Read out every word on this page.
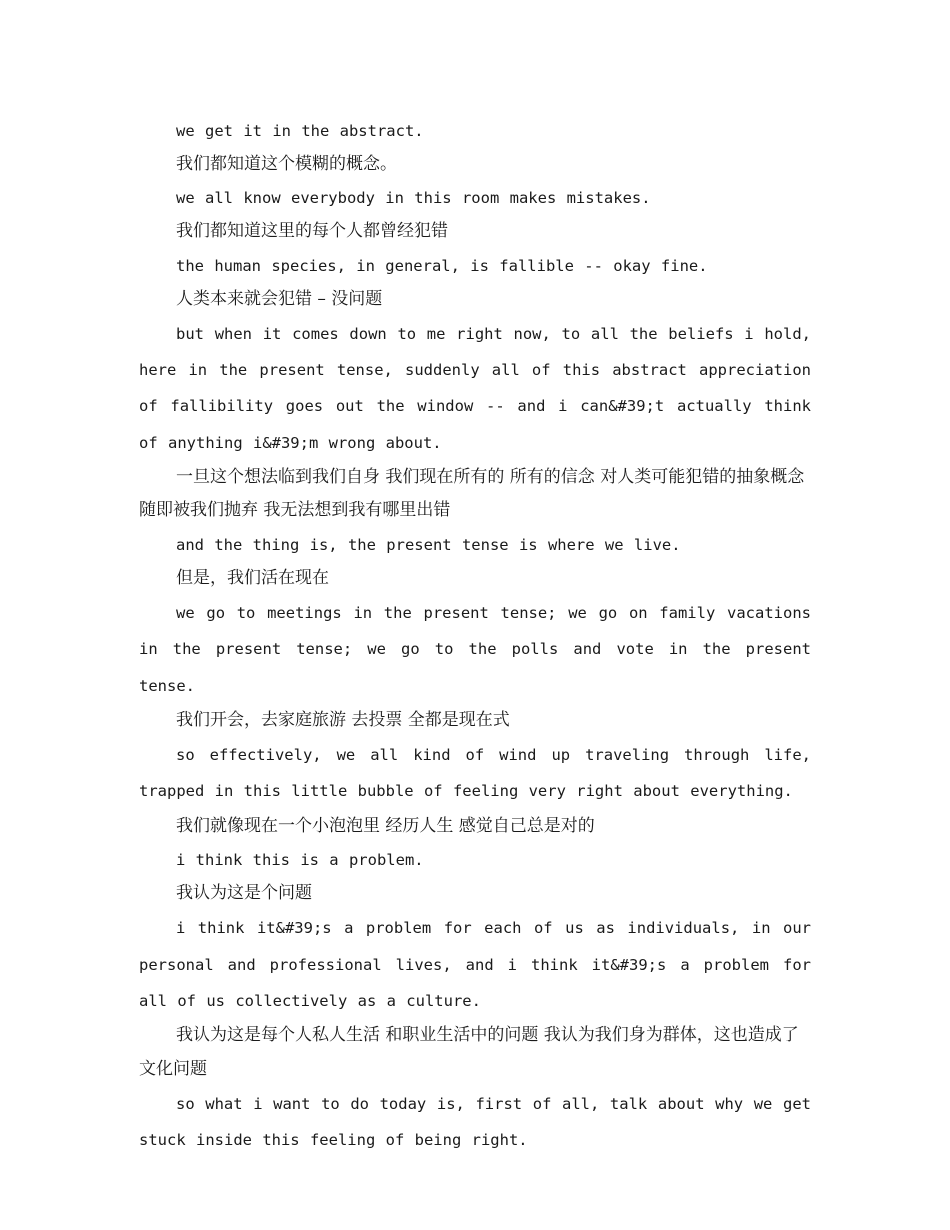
we get it in the abstract.

我们都知道这个模糊的概念。

we all know everybody in this room makes mistakes.

我们都知道这里的每个人都曾经犯错

the human species, in general, is fallible -- okay fine.

人类本来就会犯错 – 没问题

but when it comes down to me right now, to all the beliefs i hold, here in the present tense, suddenly all of this abstract appreciation of fallibility goes out the window -- and i can&#39;t actually think of anything i&#39;m wrong about.

一旦这个想法临到我们自身 我们现在所有的 所有的信念 对人类可能犯错的抽象概念随即被我们抛弃 我无法想到我有哪里出错

and the thing is, the present tense is where we live.

但是，我们活在现在

we go to meetings in the present tense; we go on family vacations in the present tense; we go to the polls and vote in the present tense.

我们开会，去家庭旅游 去投票 全都是现在式

so effectively, we all kind of wind up traveling through life, trapped in this little bubble of feeling very right about everything.

我们就像现在一个小泡泡里 经历人生 感觉自己总是对的

i think this is a problem.

我认为这是个问题

i think it&#39;s a problem for each of us as individuals, in our personal and professional lives, and i think it&#39;s a problem for all of us collectively as a culture.

我认为这是每个人私人生活 和职业生活中的问题 我认为我们身为群体，这也造成了文化问题

so what i want to do today is, first of all, talk about why we get stuck inside this feeling of being right.
